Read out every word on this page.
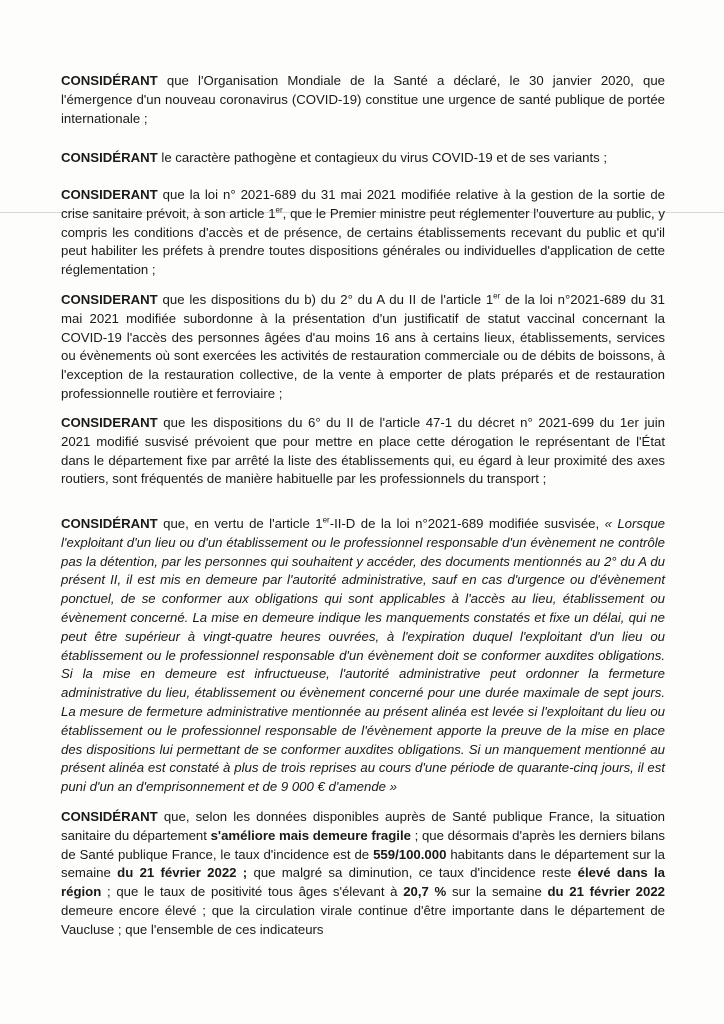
CONSIDÉRANT que l'Organisation Mondiale de la Santé a déclaré, le 30 janvier 2020, que l'émergence d'un nouveau coronavirus (COVID-19) constitue une urgence de santé publique de portée internationale ;

CONSIDÉRANT le caractère pathogène et contagieux du virus COVID-19 et de ses variants ;

CONSIDERANT que la loi n° 2021-689 du 31 mai 2021 modifiée relative à la gestion de la sortie de crise sanitaire prévoit, à son article 1er, que le Premier ministre peut réglementer l'ouverture au public, y compris les conditions d'accès et de présence, de certains établissements recevant du public et qu'il peut habiliter les préfets à prendre toutes dispositions générales ou individuelles d'application de cette réglementation ;

CONSIDERANT que les dispositions du b) du 2° du A du II de l'article 1er de la loi n°2021-689 du 31 mai 2021 modifiée subordonne à la présentation d'un justificatif de statut vaccinal concernant la COVID-19 l'accès des personnes âgées d'au moins 16 ans à certains lieux, établissements, services ou évènements où sont exercées les activités de restauration commerciale ou de débits de boissons, à l'exception de la restauration collective, de la vente à emporter de plats préparés et de restauration professionnelle routière et ferroviaire ;

CONSIDERANT que les dispositions du 6° du II de l'article 47-1 du décret n° 2021-699 du 1er juin 2021 modifié susvisé prévoient que pour mettre en place cette dérogation le représentant de l'État dans le département fixe par arrêté la liste des établissements qui, eu égard à leur proximité des axes routiers, sont fréquentés de manière habituelle par les professionnels du transport ;

CONSIDÉRANT que, en vertu de l'article 1er-II-D de la loi n°2021-689 modifiée susvisée, « Lorsque l'exploitant d'un lieu ou d'un établissement ou le professionnel responsable d'un évènement ne contrôle pas la détention, par les personnes qui souhaitent y accéder, des documents mentionnés au 2° du A du présent II, il est mis en demeure par l'autorité administrative, sauf en cas d'urgence ou d'évènement ponctuel, de se conformer aux obligations qui sont applicables à l'accès au lieu, établissement ou évènement concerné. La mise en demeure indique les manquements constatés et fixe un délai, qui ne peut être supérieur à vingt-quatre heures ouvrées, à l'expiration duquel l'exploitant d'un lieu ou établissement ou le professionnel responsable d'un évènement doit se conformer auxdites obligations. Si la mise en demeure est infructueuse, l'autorité administrative peut ordonner la fermeture administrative du lieu, établissement ou évènement concerné pour une durée maximale de sept jours. La mesure de fermeture administrative mentionnée au présent alinéa est levée si l'exploitant du lieu ou établissement ou le professionnel responsable de l'évènement apporte la preuve de la mise en place des dispositions lui permettant de se conformer auxdites obligations. Si un manquement mentionné au présent alinéa est constaté à plus de trois reprises au cours d'une période de quarante-cinq jours, il est puni d'un an d'emprisonnement et de 9 000 € d'amende »

CONSIDÉRANT que, selon les données disponibles auprès de Santé publique France, la situation sanitaire du département s'améliore mais demeure fragile ; que désormais d'après les derniers bilans de Santé publique France, le taux d'incidence est de 559/100.000 habitants dans le département sur la semaine du 21 février 2022 ; que malgré sa diminution, ce taux d'incidence reste élevé dans la région ; que le taux de positivité tous âges s'élevant à 20,7 % sur la semaine du 21 février 2022 demeure encore élevé ; que la circulation virale continue d'être importante dans le département de Vaucluse ; que l'ensemble de ces indicateurs
